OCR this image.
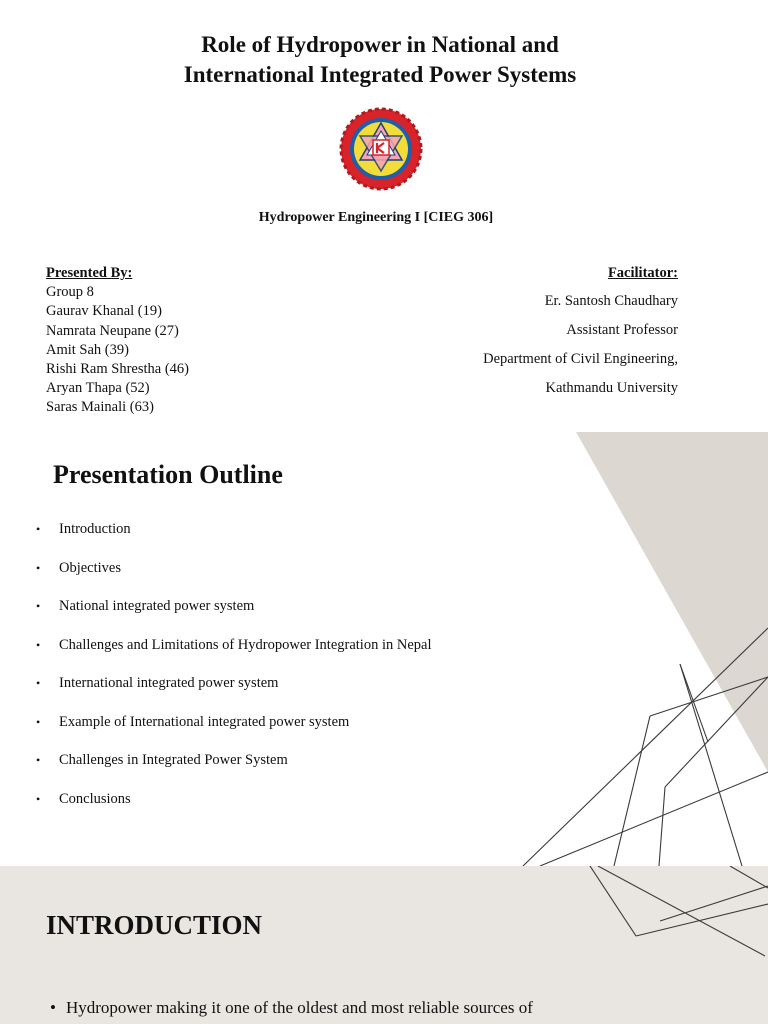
Role of Hydropower in National and
International Integrated Power Systems
Hydropower Engineering I [CIEG 306]
Presented By:
Group 8
Gaurav Khanal (19)
Namrata Neupane (27)
Amit Sah (39)
Rishi Ram Shrestha (46)
Aryan Thapa (52)
Saras Mainali (63)
Facilitator:
Er. Santosh Chaudhary
Assistant Professor
Department of Civil Engineering,
Kathmandu University
Presentation Outline
•	Introduction
•	Objectives
•	National integrated power system
•	Challenges and Limitations of Hydropower Integration in Nepal
•	International integrated power system
•	Example of International integrated power system
•	Challenges in Integrated Power System
•	Conclusions
INTRODUCTION
• Hydropower making it one of the oldest and most reliable sources of
